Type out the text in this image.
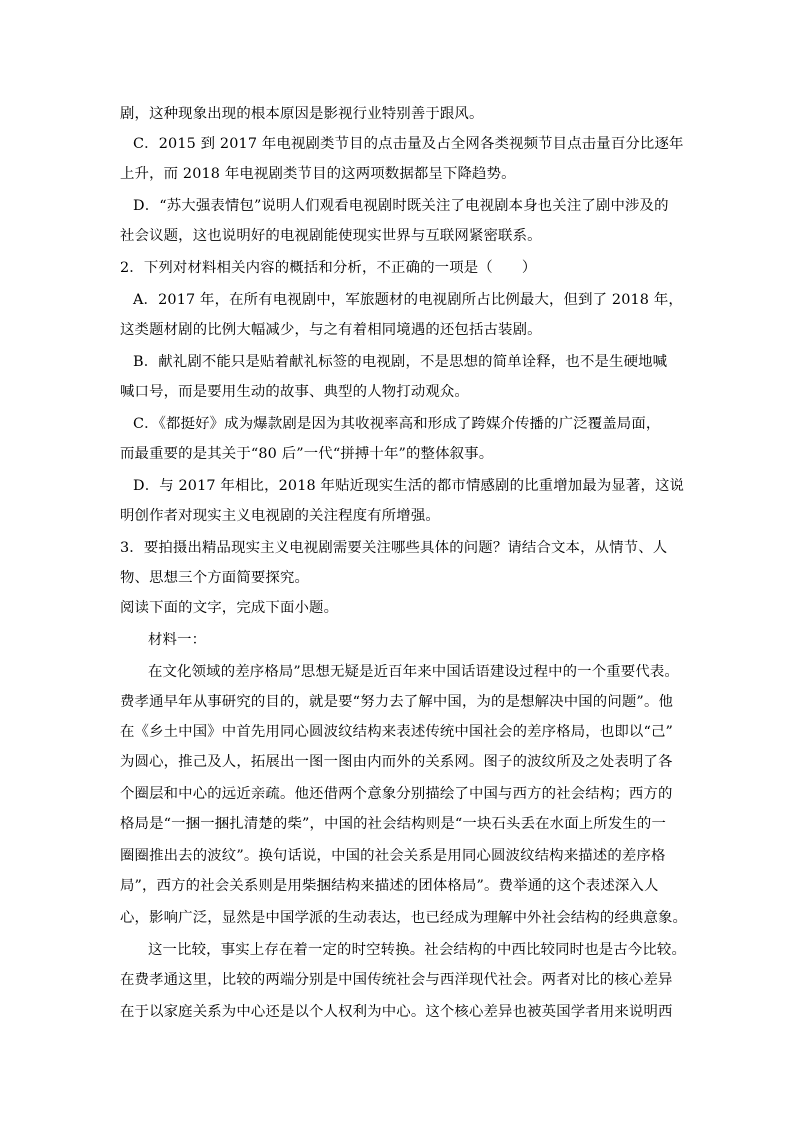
剧，这种现象出现的根本原因是影视行业特别善于跟风。
C．2015 到 2017 年电视剧类节目的点击量及占全网各类视频节目点击量百分比逐年
上升，而 2018 年电视剧类节目的这两项数据都呈下降趋势。
D．“苏大强表情包”说明人们观看电视剧时既关注了电视剧本身也关注了剧中涉及的
社会议题，这也说明好的电视剧能使现实世界与互联网紧密联系。
2．下列对材料相关内容的概括和分析，不正确的一项是（　　）
A．2017 年，在所有电视剧中，军旅题材的电视剧所占比例最大，但到了 2018 年，
这类题材剧的比例大幅减少，与之有着相同境遇的还包括古装剧。
B．献礼剧不能只是贴着献礼标签的电视剧，不是思想的简单诠释，也不是生硬地喊
喊口号，而是要用生动的故事、典型的人物打动观众。
C．《都挺好》成为爆款剧是因为其收视率高和形成了跨媒介传播的广泛覆盖局面，
而最重要的是其关于“80 后”一代“拼搏十年”的整体叙事。
D．与 2017 年相比，2018 年贴近现实生活的都市情感剧的比重增加最为显著，这说
明创作者对现实主义电视剧的关注程度有所增强。
3．要拍摄出精品现实主义电视剧需要关注哪些具体的问题？请结合文本，从情节、人
物、思想三个方面简要探究。
阅读下面的文字，完成下面小题。
材料一：
在文化领域的差序格局”思想无疑是近百年来中国话语建设过程中的一个重要代表。
费孝通早年从事研究的目的，就是要“努力去了解中国，为的是想解决中国的问题”。他
在《乡土中国》中首先用同心圆波纹结构来表述传统中国社会的差序格局，也即以“己”
为圆心，推己及人，拓展出一图一图由内而外的关系网。图子的波纹所及之处表明了各
个圈层和中心的远近亲疏。他还借两个意象分别描绘了中国与西方的社会结构；西方的
格局是“一捆一捆扎清楚的柴”，中国的社会结构则是“一块石头丢在水面上所发生的一
圈圈推出去的波纹”。换句话说，中国的社会关系是用同心圆波纹结构来描述的差序格
局”，西方的社会关系则是用柴捆结构来描述的团体格局”。费举通的这个表述深入人
心，影响广泛，显然是中国学派的生动表达，也已经成为理解中外社会结构的经典意象。
这一比较，事实上存在着一定的时空转换。社会结构的中西比较同时也是古今比较。
在费孝通这里，比较的两端分别是中国传统社会与西洋现代社会。两者对比的核心差异
在于以家庭关系为中心还是以个人权利为中心。这个核心差异也被英国学者用来说明西
